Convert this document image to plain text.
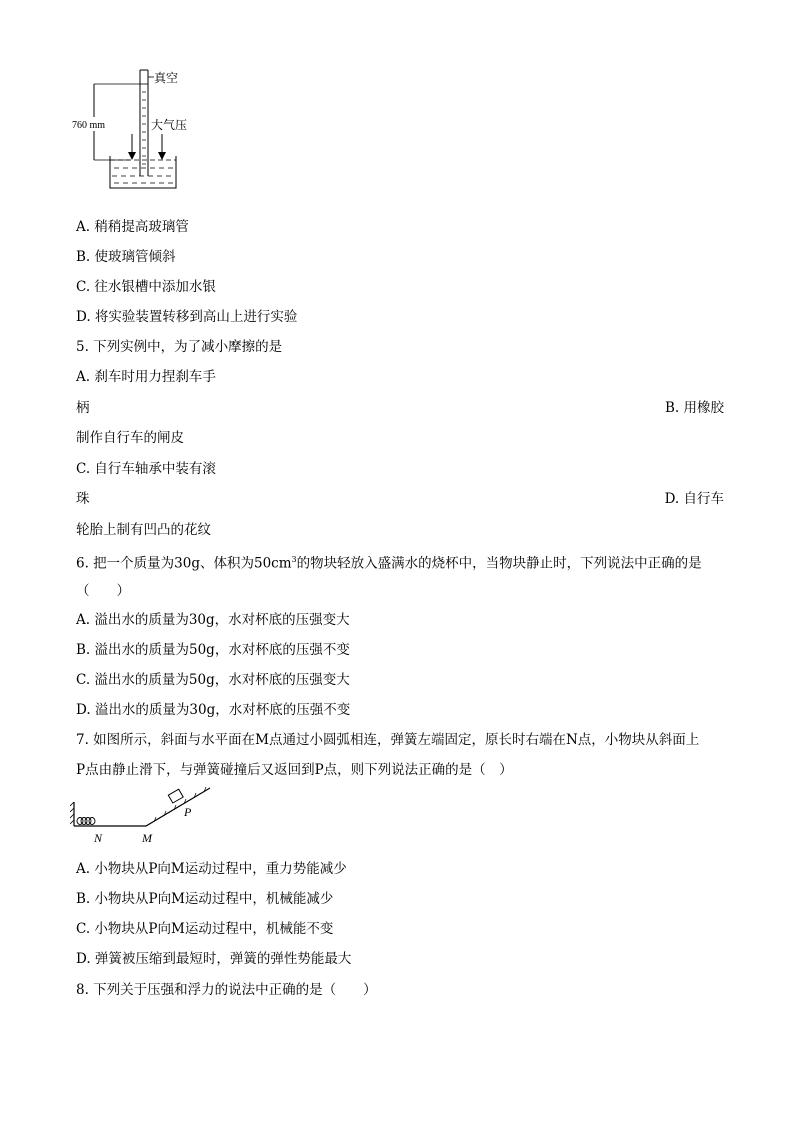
760 mm
真空
大气压
A. 稍稍提高玻璃管
B. 使玻璃管倾斜
C. 往水银槽中添加水银
D. 将实验装置转移到高山上进行实验
5. 下列实例中，为了减小摩擦的是
A. 刹车时用力捏刹车手
柄	B. 用橡胶
制作自行车的闸皮
C. 自行车轴承中装有滚
珠	D. 自行车
轮胎上制有凹凸的花纹
6. 把一个质量为30g、体积为$50cm^3$的物块轻放入盛满水的烧杯中，当物块静止时，下列说法中正确的是
（　　）
A. 溢出水的质量为30g，水对杯底的压强变大
B. 溢出水的质量为50g，水对杯底的压强不变
C. 溢出水的质量为50g，水对杯底的压强变大
D. 溢出水的质量为30g，水对杯底的压强不变
7. 如图所示，斜面与水平面在M点通过小圆弧相连，弹簧左端固定，原长时右端在N点，小物块从斜面上
P点由静止滑下，与弹簧碰撞后又返回到P点，则下列说法正确的是（　）
N	M
P
A. 小物块从P向M运动过程中，重力势能减少
B. 小物块从P向M运动过程中，机械能减少
C. 小物块从P向M运动过程中，机械能不变
D. 弹簧被压缩到最短时，弹簧的弹性势能最大
8. 下列关于压强和浮力的说法中正确的是（　　）
